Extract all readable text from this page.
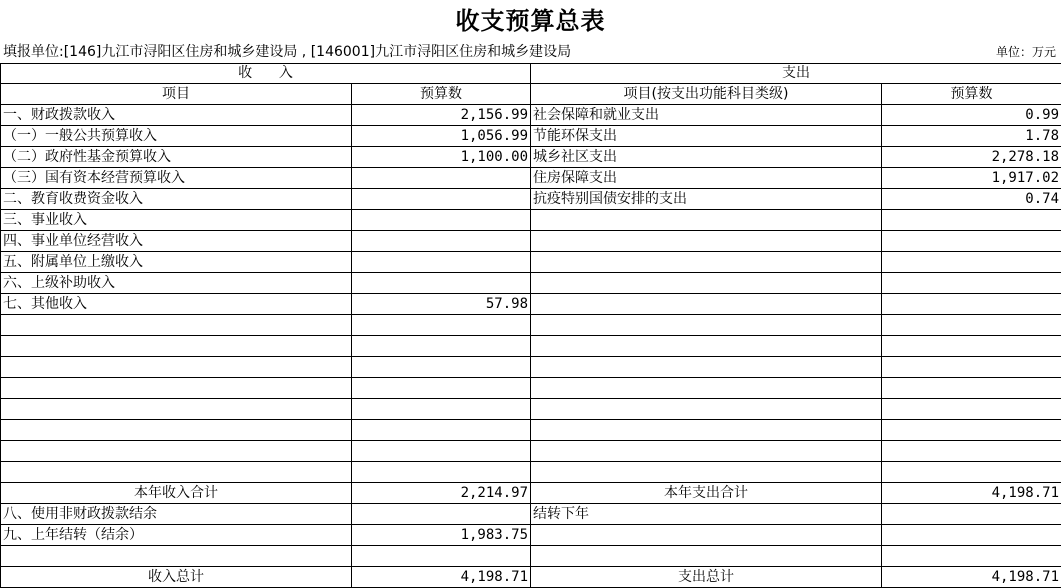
收支预算总表
填报单位:[146]九江市浔阳区住房和城乡建设局 , [146001]九江市浔阳区住房和城乡建设局	单位：万元
收      入		支出	
项目	预算数	项目(按支出功能科目类级)	预算数
一、财政拨款收入	2,156.99	社会保障和就业支出	0.99
（一）一般公共预算收入	1,056.99	节能环保支出	1.78
（二）政府性基金预算收入	1,100.00	城乡社区支出	2,278.18
（三）国有资本经营预算收入		住房保障支出	1,917.02
二、教育收费资金收入		抗疫特别国债安排的支出	0.74
三、事业收入			
四、事业单位经营收入			
五、附属单位上缴收入			
六、上级补助收入			
七、其他收入	57.98		

本年收入合计	2,214.97	本年支出合计	4,198.71
八、使用非财政拨款结余		结转下年	
九、上年结转（结余）	1,983.75		

收入总计	4,198.71	支出总计	4,198.71
